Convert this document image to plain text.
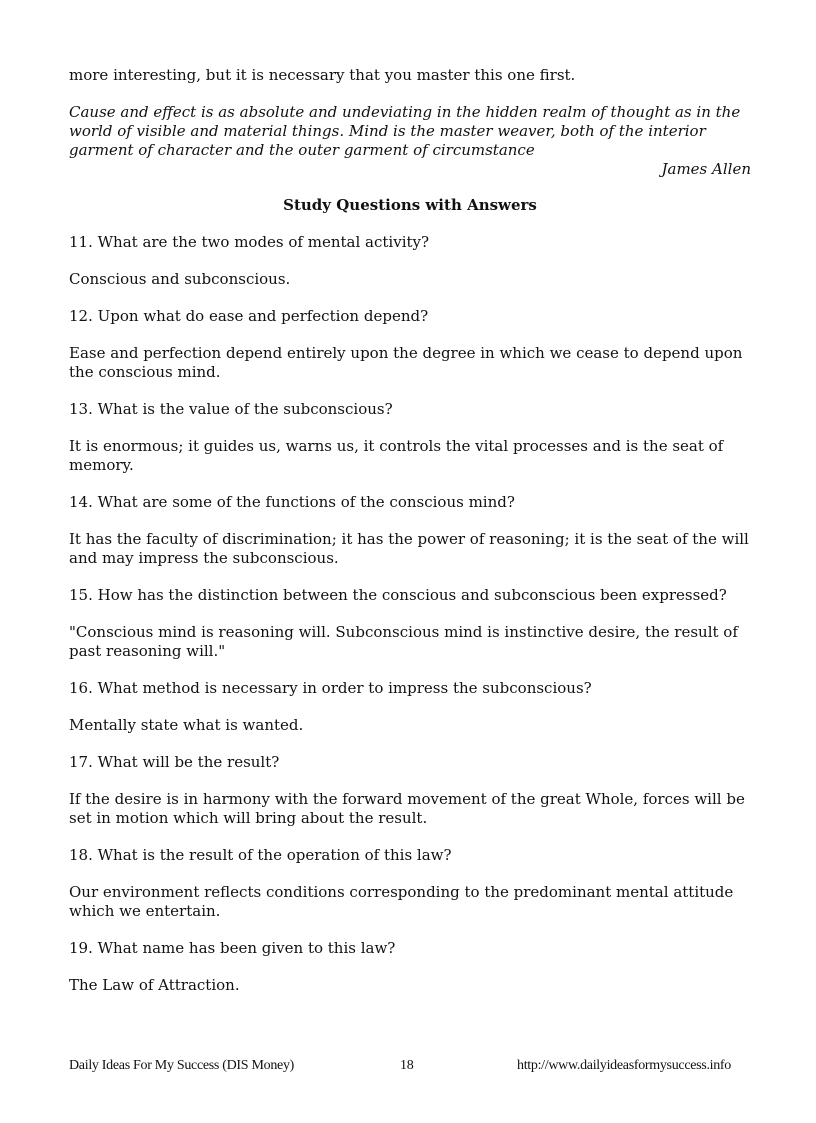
more interesting, but it is necessary that you master this one first.

Cause and effect is as absolute and undeviating in the hidden realm of thought as in the world of visible and material things. Mind is the master weaver, both of the interior garment of character and the outer garment of circumstance

James Allen

Study Questions with Answers

11. What are the two modes of mental activity?

Conscious and subconscious.

12. Upon what do ease and perfection depend?

Ease and perfection depend entirely upon the degree in which we cease to depend upon the conscious mind.

13. What is the value of the subconscious?

It is enormous; it guides us, warns us, it controls the vital processes and is the seat of memory.

14. What are some of the functions of the conscious mind?

It has the faculty of discrimination; it has the power of reasoning; it is the seat of the will and may impress the subconscious.

15. How has the distinction between the conscious and subconscious been expressed?

"Conscious mind is reasoning will. Subconscious mind is instinctive desire, the result of past reasoning will."

16. What method is necessary in order to impress the subconscious?

Mentally state what is wanted.

17. What will be the result?

If the desire is in harmony with the forward movement of the great Whole, forces will be set in motion which will bring about the result.

18. What is the result of the operation of this law?

Our environment reflects conditions corresponding to the predominant mental attitude which we entertain.

19. What name has been given to this law?

The Law of Attraction.

Daily Ideas For My Success (DIS Money)	18	http://www.dailyideasformysuccess.info
